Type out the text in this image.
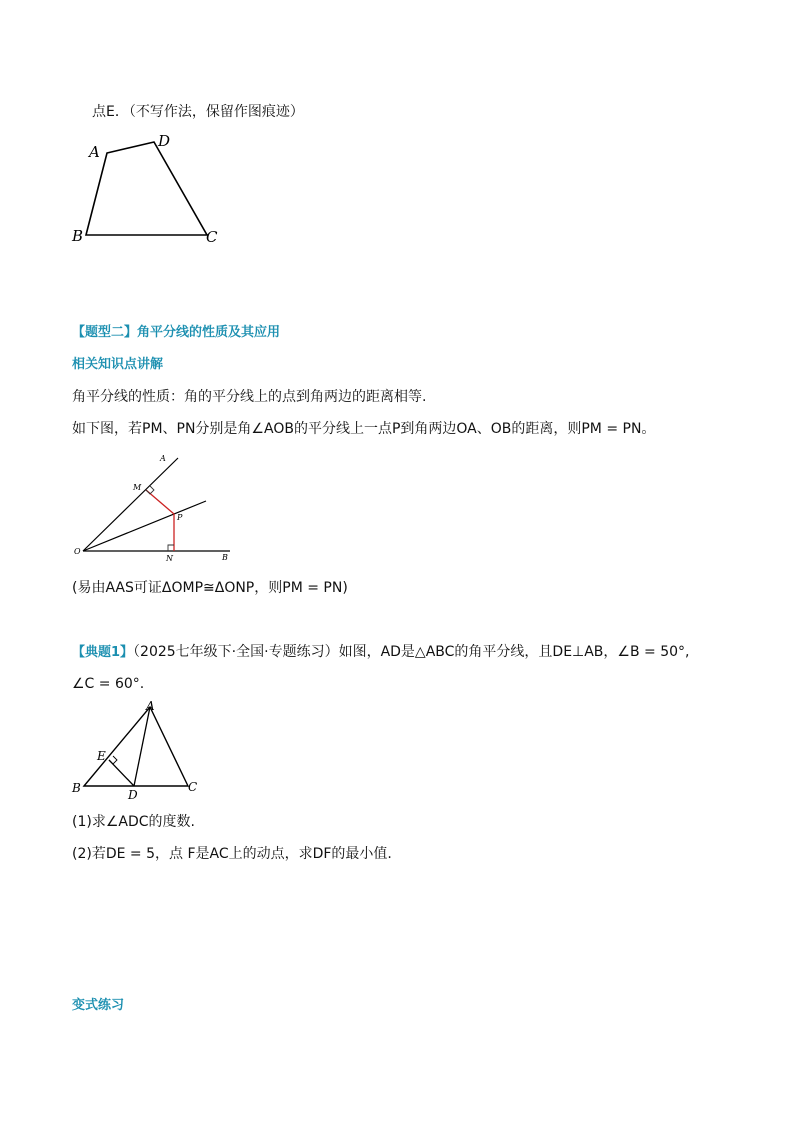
点E．（不写作法，保留作图痕迹）
A
D
B	C
【题型二】角平分线的性质及其应用
相关知识点讲解
角平分线的性质：角的平分线上的点到角两边的距离相等.
如下图，若PM、PN分别是角∠AOB的平分线上一点P到角两边OA、OB的距离，则PM = PN。
A
M
P
O
N	B
(易由AAS可证ΔOMP≅ΔONP，则PM = PN)
【典题1】（2025七年级下·全国·专题练习）如图，AD是△ABC的角平分线，且DE⊥AB，∠B = 50°,
∠C = 60°.
A
E
B	D
C
(1)求∠ADC的度数.
(2)若DE = 5，点 F是AC上的动点，求DF的最小值.
变式练习
